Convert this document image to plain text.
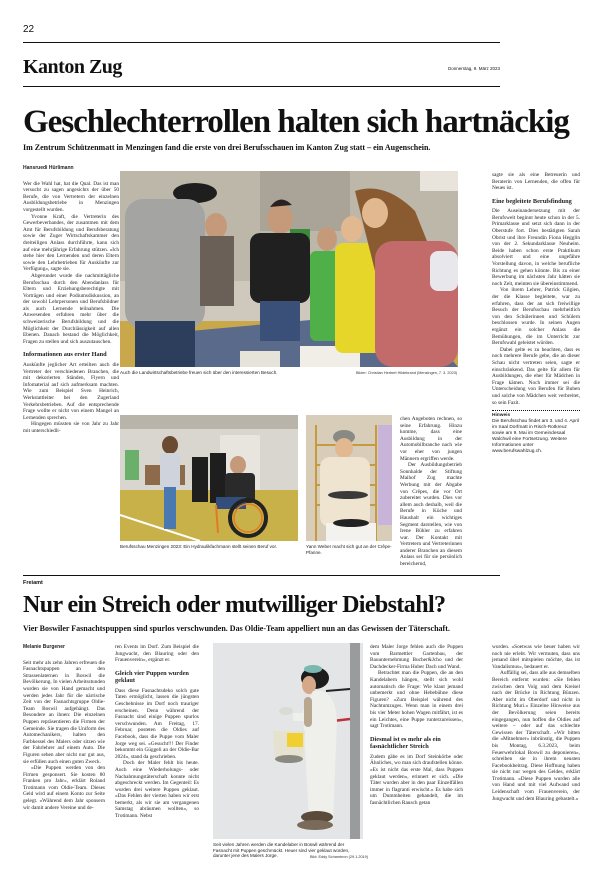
22
Kanton Zug	Donnerstag, 9. März 2023
Geschlechterrollen halten sich hartnäckig
Im Zentrum Schützenmatt in Menzingen fand die erste von drei Berufsschauen im Kanton Zug statt – ein Augenschein.
Hansruedi Hürlimann

Wer die Wahl hat, hat die Qual. Das ist man versucht zu sagen angesichts der über 50 Berufe, die von Vertretern der einzelnen Ausbildungsbetriebe in Menzingen vorgestellt wurden.

Yvonne Kraft, die Vertreterin des Gewerbeverbandes, der zusammen mit dem Amt für Berufsbildung und Berufsberatung sowie der Zuger Wirtschaftskammer den dreiteiligen Anlass durchführte, kann sich auf eine mehrjährige Erfahrung stützen. «Ich stehe hier den Lernenden und deren Eltern sowie den Lehrbetrieben für Auskünfte zur Verfügung», sagte sie.

Abgerundet wurde die nachmittägliche Berufsschau durch den Abendanlass für Eltern und Erziehungsberechtigte mit Vorträgen und einer Podiumsdiskussion, an der sowohl Lehrpersonen und Berufsbildner als auch Lernende teilnahmen. Die Anwesenden erfuhren mehr über die schweizerische Berufsbildung und die Möglichkeit der Durchlässigkeit auf allen Ebenen. Danach bestand die Möglichkeit, Fragen zu stellen und sich auszutauschen.

Informationen aus erster Hand

Auskünfte jeglicher Art erteilten auch die Vertreter der verschiedenen Branchen, die mit dekorierten Ständen, Flyern und Infomaterial auf sich aufmerksam machten. Wie zum Beispiel Sven Heinrich, Werkstattleiter bei den Zugerland Verkehrsbetrieben. Auf die entsprechende Frage wollte er nicht von einem Mangel an Lernenden sprechen.

Hingegen müssten sie von Jahr zu Jahr mit unterschiedli-

Auch die Landwirtschaftsbetriebe freuen sich über den interessierten Besuch.	Bilder: Christian Herbert Hildebrand (Menzingen, 7. 3. 2023)
Berufsschau Menzingen 2023: Ein Hydraulikfachmann stellt seinen Beruf vor.	Yann Weber macht sich gut an der Crêpe-Pfanne.

chen Angeboten rechnen, so seine Erfahrung. Hinzu komme, dass eine Ausbildung in der Automobilbranche nach wie vor eher von jungen Männern ergriffen werde.

Der Ausbildungsbetrieb Sonnhalde der Stiftung Maihof Zug machte Werbung mit der Abgabe von Crêpes, die vor Ort zubereitet wurden. Dies vor allem auch deshalb, weil die Berufe in Küche und Haushalt ein wichtiges Segment darstellen, wie von Irene Bühler zu erfahren war. Der Kontakt mit Vertretern und Vertreterinnen anderer Branchen an diesem Anlass sei für sie persönlich bereichernd,

sagte sie als eine Betreuerin und Beraterin von Lernenden, die offen für Neues ist.

Eine begleitete Berufsfindung

Die Auseinandersetzung mit der Berufswelt beginnt heute schon in der 5. Primarklasse und setzt sich dann in der Oberstufe fort. Dies bestätigten Sarah Obrist und ihre Freundin Fiona Hegglin von der 2. Sekundarklasse Neuheim. Beide haben schon erste Praktikum absolviert und eine ungefähre Vorstellung davon, in welche berufliche Richtung es gehen könnte. Bis zu einer Bewerbung im nächsten Jahr hätten sie noch Zeit, meinten sie übereinstimmend.

Von ihrem Lehrer, Patrick Gilgien, der die Klasse begleitete, war zu erfahren, dass der an sich freiwillige Besuch der Berufsschau mehrheitlich von den Schülerinnen und Schülern beschlossen wurde. In seinen Augen ergänzt ein solcher Anlass die Bemühungen, die im Unterricht zur Berufswahl geleistet würden.

Dabei gelte es zu beachten, dass es noch mehrere Berufe gebe, die an dieser Schau nicht vertreten seien, sagte er einschränkend. Das gelte für allem für Ausbildungen, die eher für Mädchen in Frage kämen. Noch immer sei die Unterscheidung von Berufen für Buben und solche von Mädchen weit verbreitet, so sein Fazit.

Hinweis
Die Berufsschau findet am 3. und 4. April im Saal Dorfmatt in Risch-Rotkreuz sowie am 9. Mai im Gemeindesaal Walchwil eine Fortsetzung. Weitere Informationen unter www.berufswahlzug.ch.
Freiamt
Nur ein Streich oder mutwilliger Diebstahl?
Vier Boswiler Fasnachtspuppen sind spurlos verschwunden. Das Oldie-Team appelliert nun an das Gewissen der Täterschaft.
Melanie Burgener

Seit mehr als zehn Jahren erfreuen die Fasnachtspuppen an den Strassenlaternen in Boswil die Bevölkerung. In vielen Arbeitsstunden wurden sie von Hand gemacht und werden jedes Jahr für die närrische Zeit von der Fasnachtsgruppe Oldie-Team Boswil aufgehängt. Das Besondere an ihnen: Die einzelnen Puppen repräsentieren die Firmen der Gemeinde. Sie tragen die Uniform des Automechanikers, halten den Farbkessel des Malers oder sitzen wie der Fahrlehrer auf einem Auto. Die Figuren sehen aber nicht nur gut aus, sie erfüllen auch einen guten Zweck.

«Die Puppen werden von den Firmen gesponsert. Sie kosten 80 Franken pro Jahr», erklärt Roland Trotimann vom Oldie-Team. Dieses Geld wird auf einem Konto zur Seite gelegt. «Während dem Jahr sponsern wir damit andere Vereine und de-

ren Events im Dorf. Zum Beispiel die Jungwacht, den Blauring oder den Frauenverein», ergänzt er.

Gleich vier Puppen wurden geklaut

Dass diese Fasnachtsdeko solch gute Taten ermöglicht, lassen die jüngsten Geschehnisse im Dorf noch trauriger erscheinen. Denn während der Fasnacht sind einige Puppen spurlos verschwunden. Am Freitag, 17. Februar, posteten die Oldies auf Facebook, dass die Puppe vom Maler Jorge weg sei. «Gesucht!!! Der Finder bekommt ein Güggeli an der Oldie-Bar 2024», stand da geschrieben.

Doch der Maler fehlt bis heute. Auch eine Wiederholungs- oder Nachahmungstäterschaft konnte nicht abgeschreckt werden. Im Gegenteil: Es wurden drei weitere Puppen geklaut. «Das Fehlen der vierten haben wir erst bemerkt, als wir sie am vergangenen Samstag abräumen wollten», so Trotimann. Nebst

Seit vielen Jahren werden die Kandelaber in Boswil während der Fasnacht mit Puppen geschmückt. Heuer sind vier geklaut worden, darunter jene des Malers Jorge.	Bild: Eddy Schambron (29.1.2019)

dem Maler Jorge fehlen auch die Puppen vom Barmettler Gartenbau, der Bauunternehmung Bucher&Jcho und der Dachdecker-Firma Huber Dach und Wand.

Betrachtet man die Puppen, die an den Kandelabern hängen, stellt sich wohl automatisch die Frage: Wie klaut jemand unbemerkt und ohne Hebebühne diese Figuren? «Zum Beispiel während des Nachtumzuges. Wenn man in einem drei bis vier Meter hohen Wagen mitfährt, ist es ein Leichtes, eine Puppe runterzureissen», sagt Trotimann.

Diesmal ist es mehr als ein fasnächtlicher Streich

Zudem gäbe es im Dorf Steinkörbe oder Ähnliches, wo man sich draufstellen könne. «Es ist nicht das erste Mal, dass Puppen geklaut werden», erinnert er sich. «Die Täter wurden aber in den paar Einzelfällen immer in flagranti erwischt.» Es habe sich um Dummheiten gehandelt, die im fasnächtlichen Rausch getan

wurden. «Soetwas wie heuer haben wir noch nie erlebt. Wir vermuten, dass uns jemand übel mitspielen möchte, das ist Vandalismus», bedauert er.

Auffällig sei, dass alle aus demselben Bereich entfernt wurden: «Sie fehlen zwischen dem Volg und dem Kreisel nach der Brücke in Richtung Bünzen. Aber nicht im Oberdorf und nicht in Richtung Muri.» Einzelne Hinweise aus der Bevölkerung seien bereits eingegangen, nun hoffen die Oldies auf weitere – oder auf das schlechte Gewissen der Täterschaft. «Wir bitten die «Mitnehmer» inbrünstig, die Puppen bis Montag, 6.3.2023, beim Feuerwehrlokal Boswil zu deponieren», schreiben sie in ihrem neusten Facebookbeitrag. Diese Hoffnung haben sie nicht nur wegen des Geldes, erklärt Trotimann. «Diese Puppen wurden alle von Hand und mit viel Aufwand und Leidenschaft vom Frauenverein, der Jungwacht und dem Blauring gebastelt.»
